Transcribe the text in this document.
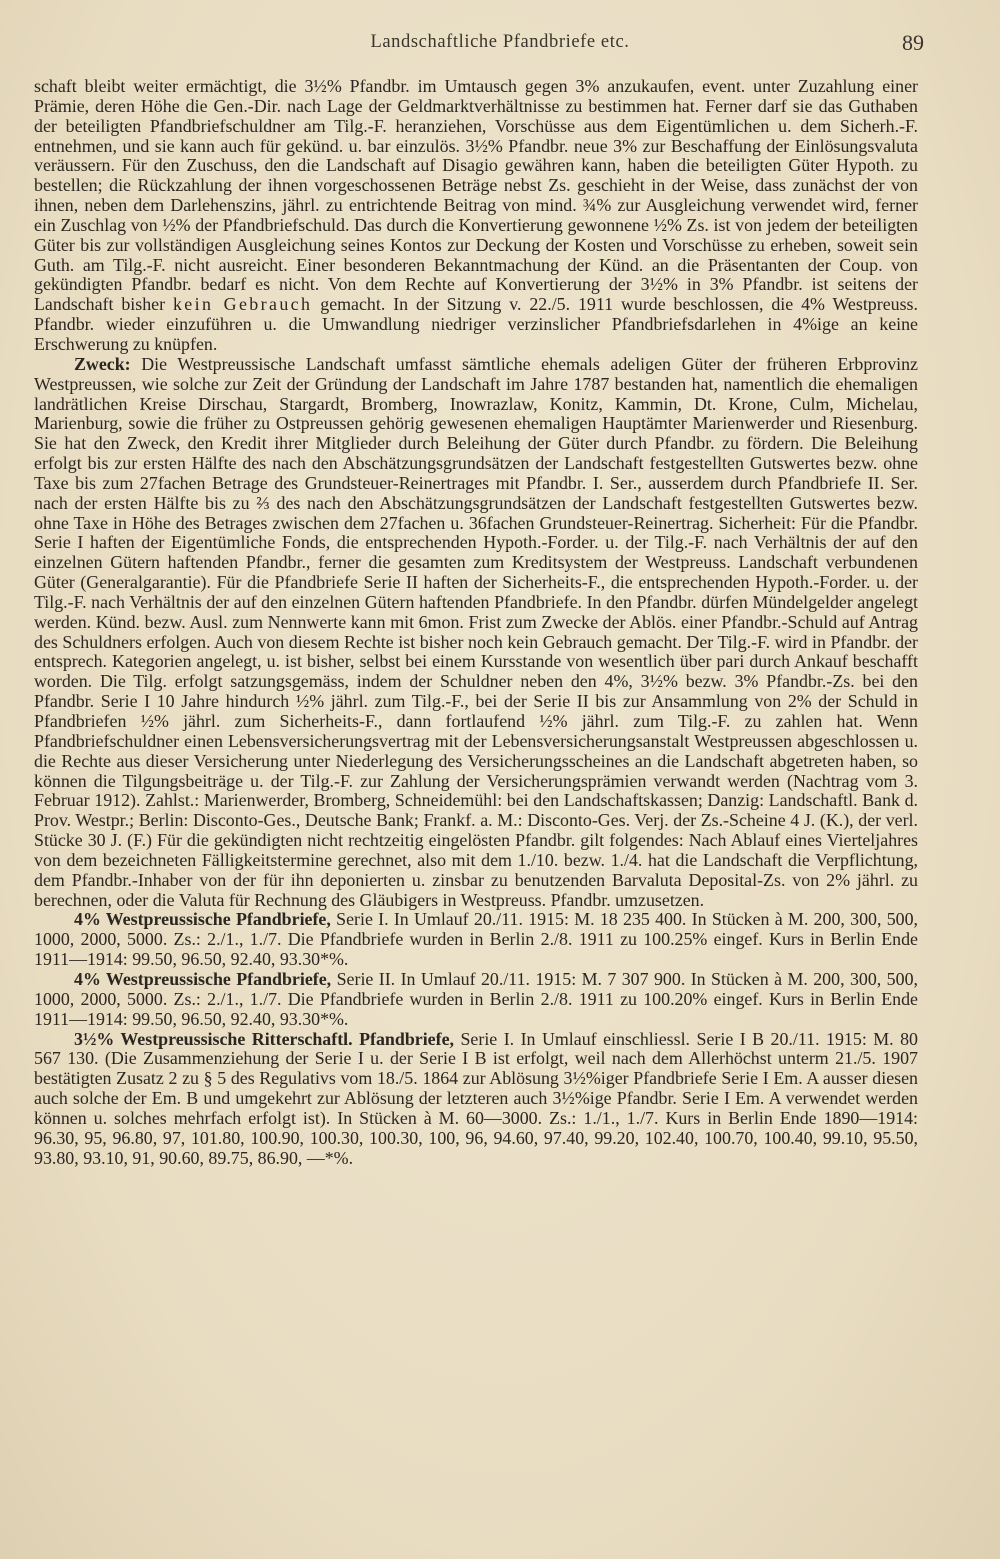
Landschaftliche Pfandbriefe etc.	89

schaft bleibt weiter ermächtigt, die 3½% Pfandbr. im Umtausch gegen 3% anzukaufen, event. unter Zuzahlung einer Prämie, deren Höhe die Gen.-Dir. nach Lage der Geldmarktverhältnisse zu bestimmen hat. Ferner darf sie das Guthaben der beteiligten Pfandbriefschuldner am Tilg.-F. heranziehen, Vorschüsse aus dem Eigentümlichen u. dem Sicherh.-F. entnehmen, und sie kann auch für gekünd. u. bar einzulös. 3½% Pfandbr. neue 3% zur Beschaffung der Einlösungsvaluta veräussern. Für den Zuschuss, den die Landschaft auf Disagio gewähren kann, haben die beteiligten Güter Hypoth. zu bestellen; die Rückzahlung der ihnen vorgeschossenen Beträge nebst Zs. geschieht in der Weise, dass zunächst der von ihnen, neben dem Darlehenszins, jährl. zu entrichtende Beitrag von mind. ¾% zur Ausgleichung verwendet wird, ferner ein Zuschlag von ½% der Pfandbriefschuld. Das durch die Konvertierung gewonnene ½% Zs. ist von jedem der beteiligten Güter bis zur vollständigen Ausgleichung seines Kontos zur Deckung der Kosten und Vorschüsse zu erheben, soweit sein Guth. am Tilg.-F. nicht ausreicht. Einer besonderen Bekanntmachung der Künd. an die Präsentanten der Coup. von gekündigten Pfandbr. bedarf es nicht. Von dem Rechte auf Konvertierung der 3½% in 3% Pfandbr. ist seitens der Landschaft bisher kein Gebrauch gemacht. In der Sitzung v. 22./5. 1911 wurde beschlossen, die 4% Westpreuss. Pfandbr. wieder einzuführen u. die Umwandlung niedriger verzinslicher Pfandbriefsdarlehen in 4%ige an keine Erschwerung zu knüpfen.

Zweck: Die Westpreussische Landschaft umfasst sämtliche ehemals adeligen Güter der früheren Erbprovinz Westpreussen, wie solche zur Zeit der Gründung der Landschaft im Jahre 1787 bestanden hat, namentlich die ehemaligen landrätlichen Kreise Dirschau, Stargardt, Bromberg, Inowrazlaw, Konitz, Kammin, Dt. Krone, Culm, Michelau, Marienburg, sowie die früher zu Ostpreussen gehörig gewesenen ehemaligen Hauptämter Marienwerder und Riesenburg. Sie hat den Zweck, den Kredit ihrer Mitglieder durch Beleihung der Güter durch Pfandbr. zu fördern. Die Beleihung erfolgt bis zur ersten Hälfte des nach den Abschätzungsgrundsätzen der Landschaft festgestellten Gutswertes bezw. ohne Taxe bis zum 27fachen Betrage des Grundsteuer-Reinertrages mit Pfandbr. I. Ser., ausserdem durch Pfandbriefe II. Ser. nach der ersten Hälfte bis zu ⅔ des nach den Abschätzungsgrundsätzen der Landschaft festgestellten Gutswertes bezw. ohne Taxe in Höhe des Betrages zwischen dem 27fachen u. 36fachen Grundsteuer-Reinertrag. Sicherheit: Für die Pfandbr. Serie I haften der Eigentümliche Fonds, die entsprechenden Hypoth.-Forder. u. der Tilg.-F. nach Verhältnis der auf den einzelnen Gütern haftenden Pfandbr., ferner die gesamten zum Kreditsystem der Westpreuss. Landschaft verbundenen Güter (Generalgarantie). Für die Pfandbriefe Serie II haften der Sicherheits-F., die entsprechenden Hypoth.-Forder. u. der Tilg.-F. nach Verhältnis der auf den einzelnen Gütern haftenden Pfandbriefe. In den Pfandbr. dürfen Mündelgelder angelegt werden. Künd. bezw. Ausl. zum Nennwerte kann mit 6mon. Frist zum Zwecke der Ablös. einer Pfandbr.-Schuld auf Antrag des Schuldners erfolgen. Auch von diesem Rechte ist bisher noch kein Gebrauch gemacht. Der Tilg.-F. wird in Pfandbr. der entsprech. Kategorien angelegt, u. ist bisher, selbst bei einem Kursstande von wesentlich über pari durch Ankauf beschafft worden. Die Tilg. erfolgt satzungsgemäss, indem der Schuldner neben den 4%, 3½% bezw. 3% Pfandbr.-Zs. bei den Pfandbr. Serie I 10 Jahre hindurch ½% jährl. zum Tilg.-F., bei der Serie II bis zur Ansammlung von 2% der Schuld in Pfandbriefen ½% jährl. zum Sicherheits-F., dann fortlaufend ½% jährl. zum Tilg.-F. zu zahlen hat. Wenn Pfandbriefschuldner einen Lebensversicherungsvertrag mit der Lebensversicherungsanstalt Westpreussen abgeschlossen u. die Rechte aus dieser Versicherung unter Niederlegung des Versicherungsscheines an die Landschaft abgetreten haben, so können die Tilgungsbeiträge u. der Tilg.-F. zur Zahlung der Versicherungsprämien verwandt werden (Nachtrag vom 3. Februar 1912). Zahlst.: Marienwerder, Bromberg, Schneidemühl: bei den Landschaftskassen; Danzig: Landschaftl. Bank d. Prov. Westpr.; Berlin: Disconto-Ges., Deutsche Bank; Frankf. a. M.: Disconto-Ges. Verj. der Zs.-Scheine 4 J. (K.), der verl. Stücke 30 J. (F.) Für die gekündigten nicht rechtzeitig eingelösten Pfandbr. gilt folgendes: Nach Ablauf eines Vierteljahres von dem bezeichneten Fälligkeitstermine gerechnet, also mit dem 1./10. bezw. 1./4. hat die Landschaft die Verpflichtung, dem Pfandbr.-Inhaber von der für ihn deponierten u. zinsbar zu benutzenden Barvaluta Deposital-Zs. von 2% jährl. zu berechnen, oder die Valuta für Rechnung des Gläubigers in Westpreuss. Pfandbr. umzusetzen.

4% Westpreussische Pfandbriefe, Serie I. In Umlauf 20./11. 1915: M. 18 235 400. In Stücken à M. 200, 300, 500, 1000, 2000, 5000. Zs.: 2./1., 1./7. Die Pfandbriefe wurden in Berlin 2./8. 1911 zu 100.25% eingef. Kurs in Berlin Ende 1911—1914: 99.50, 96.50, 92.40, 93.30*%.

4% Westpreussische Pfandbriefe, Serie II. In Umlauf 20./11. 1915: M. 7 307 900. In Stücken à M. 200, 300, 500, 1000, 2000, 5000. Zs.: 2./1., 1./7. Die Pfandbriefe wurden in Berlin 2./8. 1911 zu 100.20% eingef. Kurs in Berlin Ende 1911—1914: 99.50, 96.50, 92.40, 93.30*%.

3½% Westpreussische Ritterschaftl. Pfandbriefe, Serie I. In Umlauf einschliessl. Serie I B 20./11. 1915: M. 80 567 130. (Die Zusammenziehung der Serie I u. der Serie I B ist erfolgt, weil nach dem Allerhöchst unterm 21./5. 1907 bestätigten Zusatz 2 zu § 5 des Regulativs vom 18./5. 1864 zur Ablösung 3½%iger Pfandbriefe Serie I Em. A ausser diesen auch solche der Em. B und umgekehrt zur Ablösung der letzteren auch 3½%ige Pfandbr. Serie I Em. A verwendet werden können u. solches mehrfach erfolgt ist). In Stücken à M. 60—3000. Zs.: 1./1., 1./7. Kurs in Berlin Ende 1890—1914: 96.30, 95, 96.80, 97, 101.80, 100.90, 100.30, 100.30, 100, 96, 94.60, 97.40, 99.20, 102.40, 100.70, 100.40, 99.10, 95.50, 93.80, 93.10, 91, 90.60, 89.75, 86.90, —*%.
